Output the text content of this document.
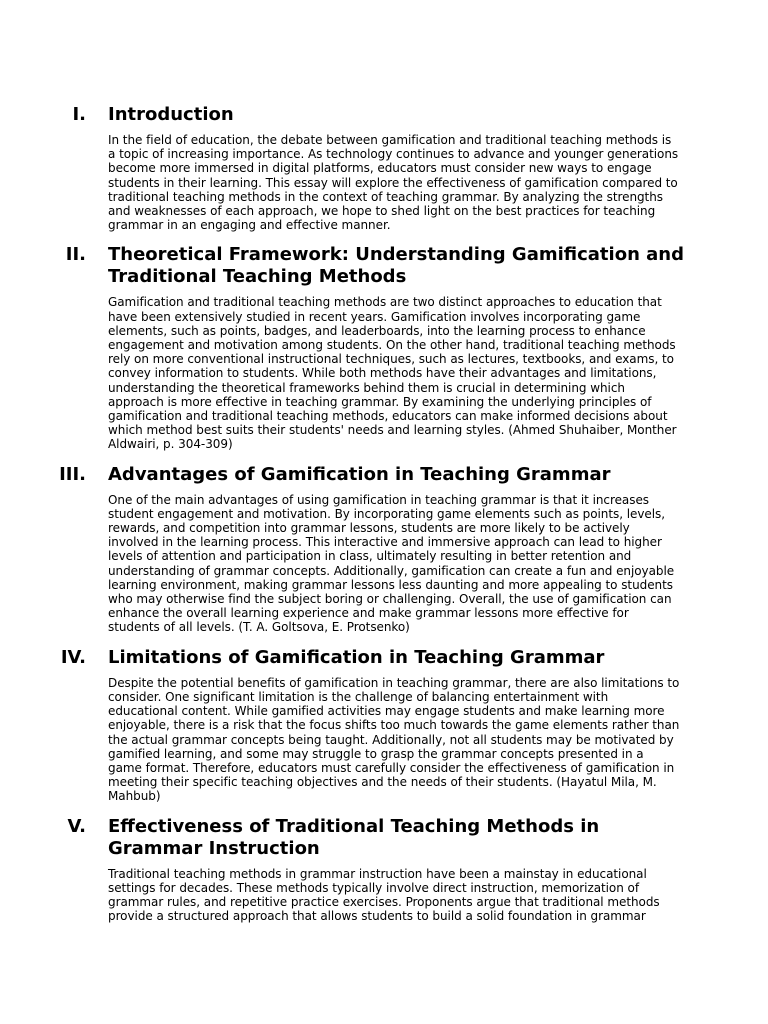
I. Introduction

In the field of education, the debate between gamification and traditional teaching methods is a topic of increasing importance. As technology continues to advance and younger generations become more immersed in digital platforms, educators must consider new ways to engage students in their learning. This essay will explore the effectiveness of gamification compared to traditional teaching methods in the context of teaching grammar. By analyzing the strengths and weaknesses of each approach, we hope to shed light on the best practices for teaching grammar in an engaging and effective manner.

II. Theoretical Framework: Understanding Gamification and Traditional Teaching Methods

Gamification and traditional teaching methods are two distinct approaches to education that have been extensively studied in recent years. Gamification involves incorporating game elements, such as points, badges, and leaderboards, into the learning process to enhance engagement and motivation among students. On the other hand, traditional teaching methods rely on more conventional instructional techniques, such as lectures, textbooks, and exams, to convey information to students. While both methods have their advantages and limitations, understanding the theoretical frameworks behind them is crucial in determining which approach is more effective in teaching grammar. By examining the underlying principles of gamification and traditional teaching methods, educators can make informed decisions about which method best suits their students' needs and learning styles. (Ahmed Shuhaiber, Monther Aldwairi, p. 304-309)

III. Advantages of Gamification in Teaching Grammar

One of the main advantages of using gamification in teaching grammar is that it increases student engagement and motivation. By incorporating game elements such as points, levels, rewards, and competition into grammar lessons, students are more likely to be actively involved in the learning process. This interactive and immersive approach can lead to higher levels of attention and participation in class, ultimately resulting in better retention and understanding of grammar concepts. Additionally, gamification can create a fun and enjoyable learning environment, making grammar lessons less daunting and more appealing to students who may otherwise find the subject boring or challenging. Overall, the use of gamification can enhance the overall learning experience and make grammar lessons more effective for students of all levels. (T. A. Goltsova, E. Protsenko)

IV. Limitations of Gamification in Teaching Grammar

Despite the potential benefits of gamification in teaching grammar, there are also limitations to consider. One significant limitation is the challenge of balancing entertainment with educational content. While gamified activities may engage students and make learning more enjoyable, there is a risk that the focus shifts too much towards the game elements rather than the actual grammar concepts being taught. Additionally, not all students may be motivated by gamified learning, and some may struggle to grasp the grammar concepts presented in a game format. Therefore, educators must carefully consider the effectiveness of gamification in meeting their specific teaching objectives and the needs of their students. (Hayatul Mila, M. Mahbub)

V. Effectiveness of Traditional Teaching Methods in Grammar Instruction

Traditional teaching methods in grammar instruction have been a mainstay in educational settings for decades. These methods typically involve direct instruction, memorization of grammar rules, and repetitive practice exercises. Proponents argue that traditional methods provide a structured approach that allows students to build a solid foundation in grammar
